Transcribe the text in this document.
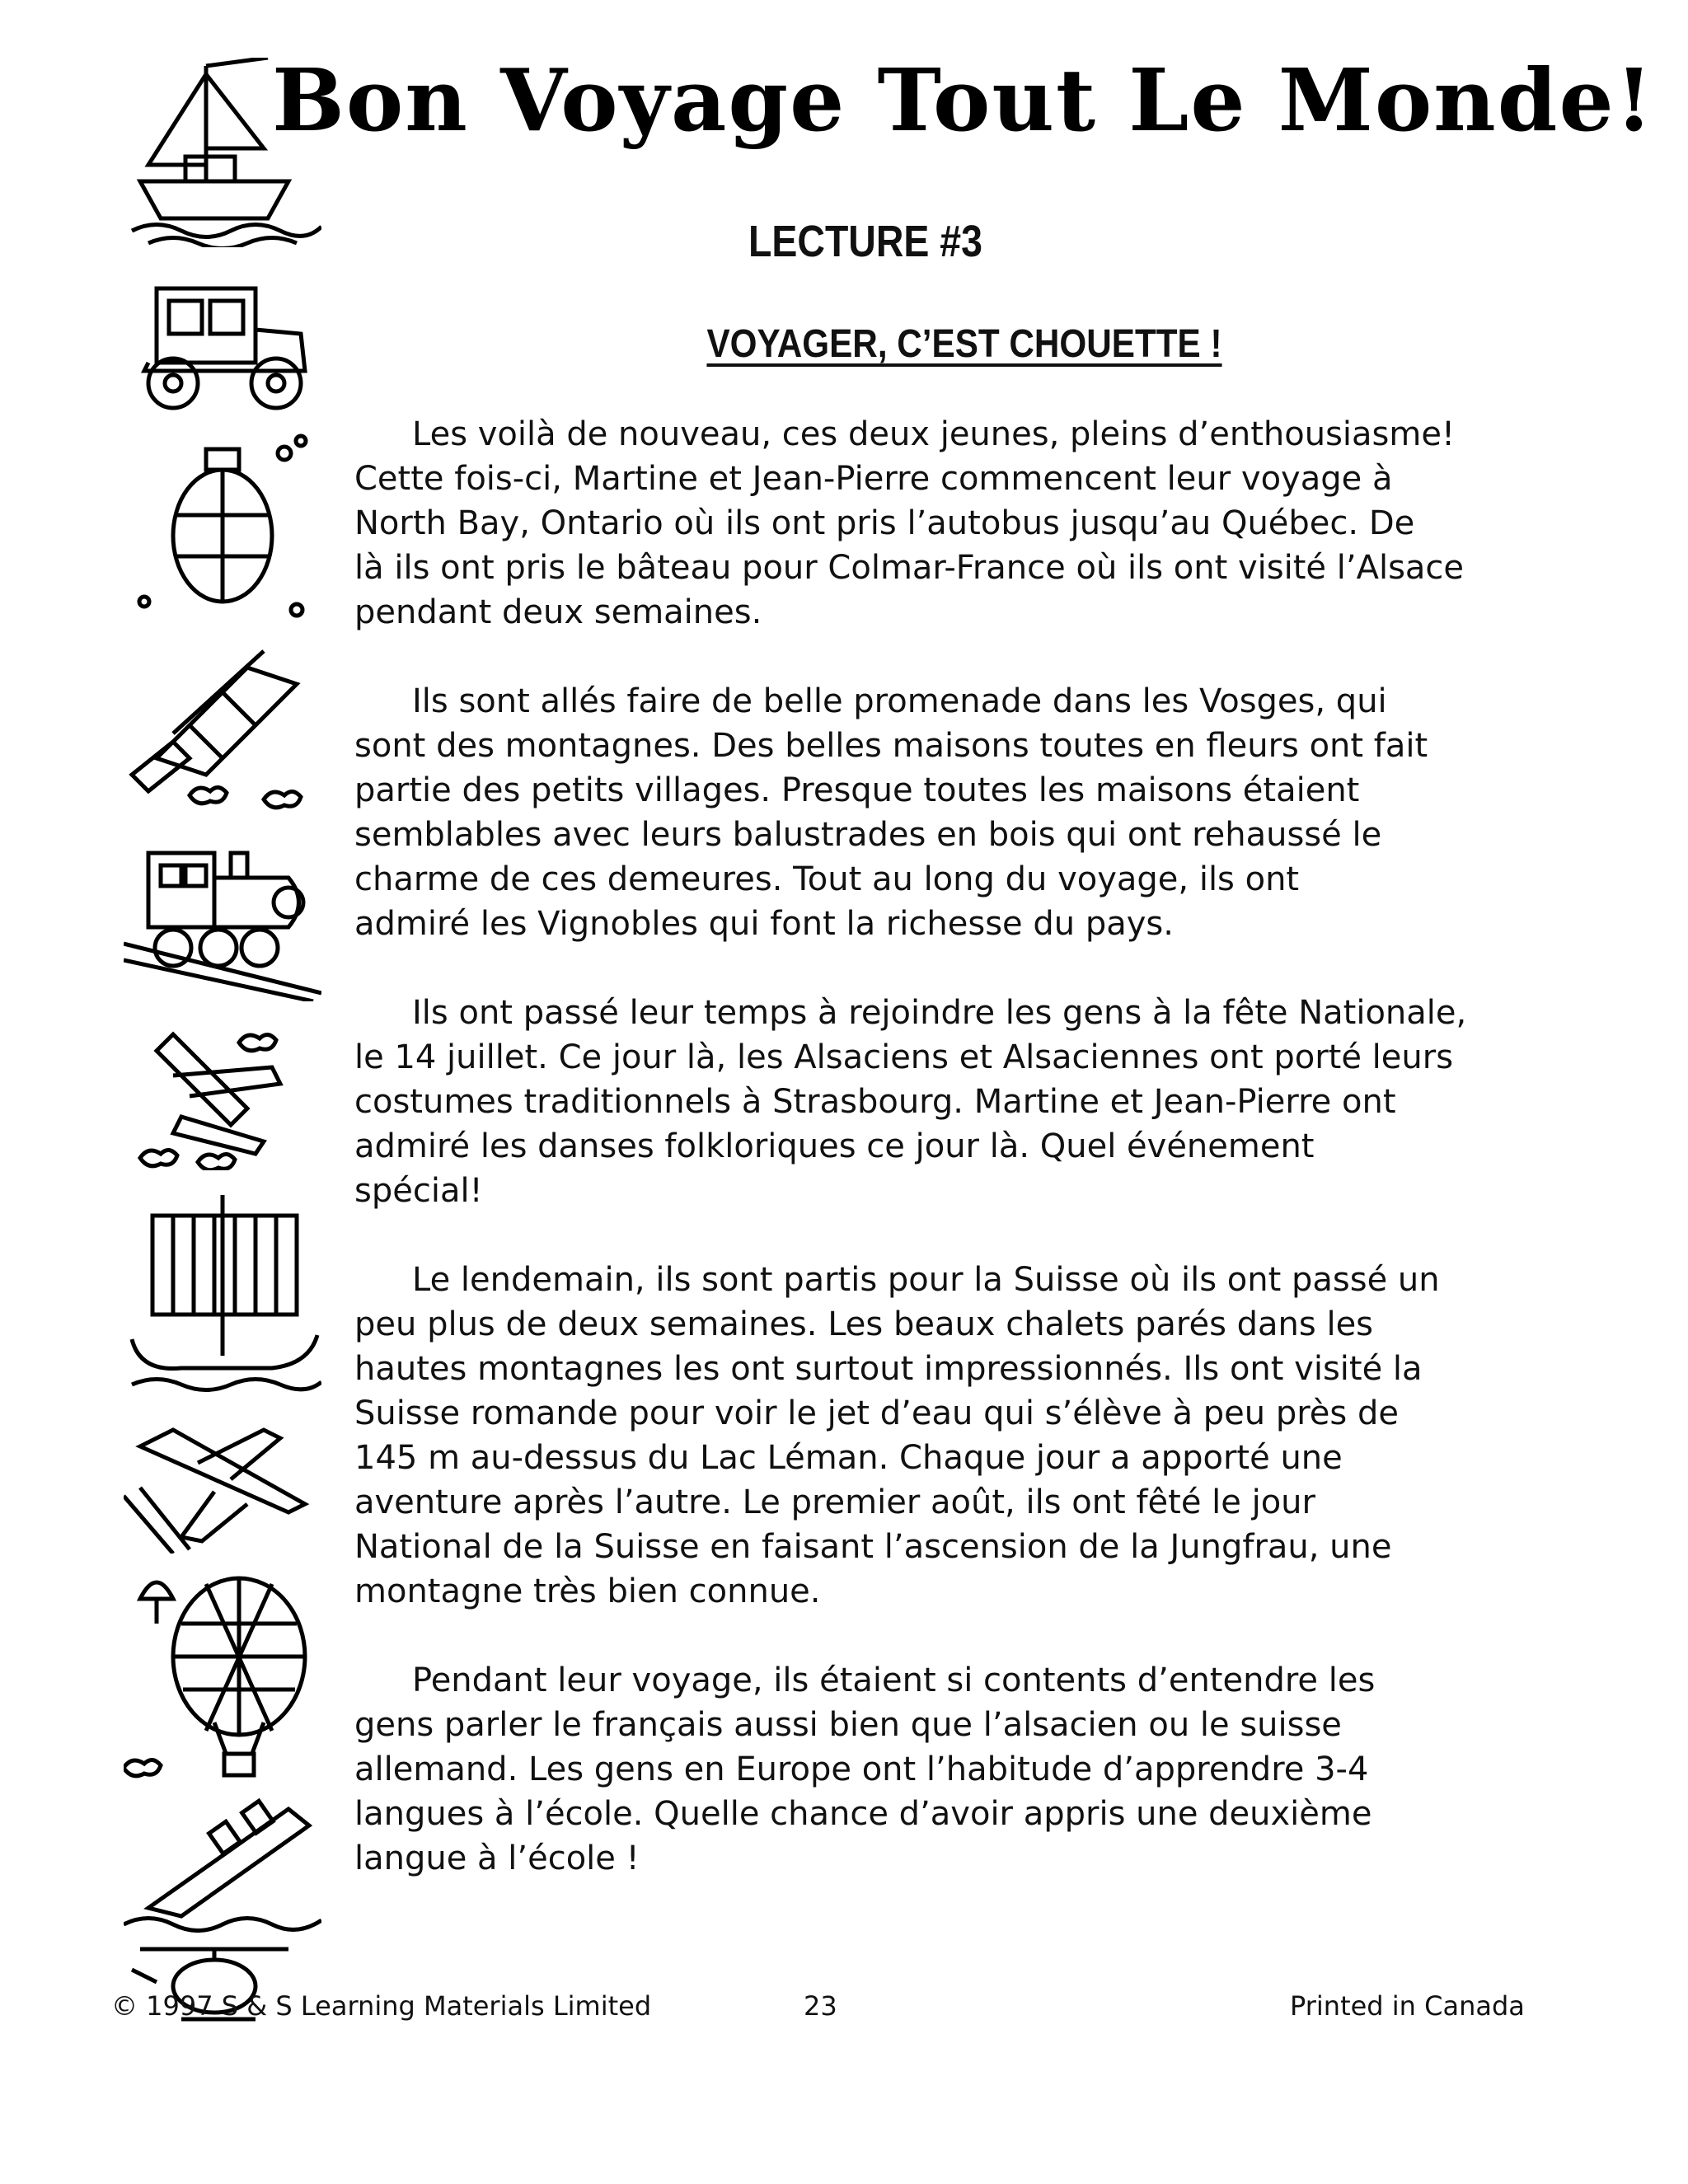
Bon Voyage Tout Le Monde!
LECTURE #3
VOYAGER, C’EST CHOUETTE !

Les voilà de nouveau, ces deux jeunes, pleins d’enthousiasme!
Cette fois-ci, Martine et Jean-Pierre commencent leur voyage à
North Bay, Ontario où ils ont pris l’autobus jusqu’au Québec. De
là ils ont pris le bâteau pour Colmar-France où ils ont visité l’Alsace
pendant deux semaines.

Ils sont allés faire de belle promenade dans les Vosges, qui
sont des montagnes. Des belles maisons toutes en fleurs ont fait
partie des petits villages. Presque toutes les maisons étaient
semblables avec leurs balustrades en bois qui ont rehaussé le
charme de ces demeures. Tout au long du voyage, ils ont
admiré les Vignobles qui font la richesse du pays.

Ils ont passé leur temps à rejoindre les gens à la fête Nationale,
le 14 juillet. Ce jour là, les Alsaciens et Alsaciennes ont porté leurs
costumes traditionnels à Strasbourg. Martine et Jean-Pierre ont
admiré les danses folkloriques ce jour là. Quel événement
spécial!

Le lendemain, ils sont partis pour la Suisse où ils ont passé un
peu plus de deux semaines. Les beaux chalets parés dans les
hautes montagnes les ont surtout impressionnés. Ils ont visité la
Suisse romande pour voir le jet d’eau qui s’élève à peu près de
145 m au-dessus du Lac Léman. Chaque jour a apporté une
aventure après l’autre. Le premier août, ils ont fêté le jour
National de la Suisse en faisant l’ascension de la Jungfrau, une
montagne très bien connue.

Pendant leur voyage, ils étaient si contents d’entendre les
gens parler le français aussi bien que l’alsacien ou le suisse
allemand. Les gens en Europe ont l’habitude d’apprendre 3-4
langues à l’école. Quelle chance d’avoir appris une deuxième
langue à l’école !

© 1997 S & S Learning Materials Limited	23	Printed in Canada
